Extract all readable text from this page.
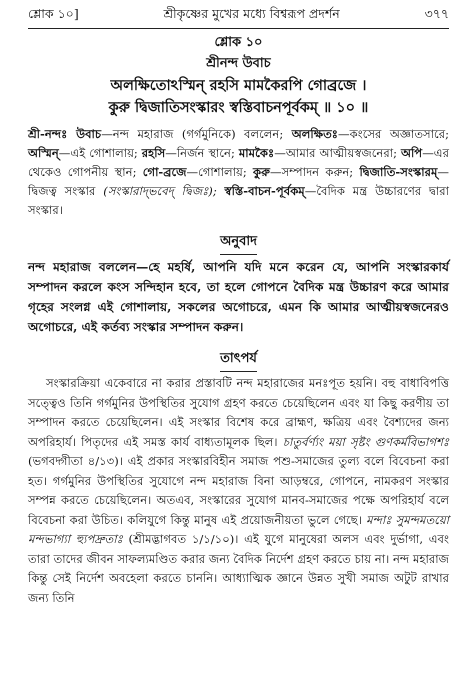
শ্লোক ১০]	শ্রীকৃষ্ণের মুখের মধ্যে বিশ্বরূপ প্রদর্শন	৩৭৭
শ্লোক ১০
শ্রীনন্দ উবাচ
অলক্ষিতোঽস্মিন্ রহসি মামকৈরপি গোব্রজে ।
কুরু দ্বিজাতিসংস্কারং স্বস্তিবাচনপূর্বকম্‌ ॥ ১০ ॥
শ্রী-নন্দঃ উবাচ—নন্দ মহারাজ (গর্গমুনিকে) বললেন; অলক্ষিতঃ—কংসের অজ্ঞাতসারে; অস্মিন্—এই গোশালায়; রহসি—নির্জন স্থানে; মামকৈঃ—আমার আত্মীয়স্বজনেরা; অপি—এর থেকেও গোপনীয় স্থান; গো-ব্রজে—গোশালায়; কুরু—সম্পাদন করুন; দ্বিজাতি-সংস্কারম্—দ্বিজত্ব সংস্কার (সংস্কারাদ্‌ভবেদ্ দ্বিজঃ); স্বস্তি-বাচন-পূর্বকম্—বৈদিক মন্ত্র উচ্চারণের দ্বারা সংস্কার।
অনুবাদ
নন্দ মহারাজ বললেন—হে মহর্ষি, আপনি যদি মনে করেন যে, আপনি সংস্কারকার্য সম্পাদন করলে কংস সন্দিহান হবে, তা হলে গোপনে বৈদিক মন্ত্র উচ্চারণ করে আমার গৃহের সংলগ্ন এই গোশালায়, সকলের অগোচরে, এমন কি আমার আত্মীয়স্বজনেরও অগোচরে, এই কর্তব্য সংস্কার সম্পাদন করুন।
তাৎপর্য
সংস্কারক্রিয়া একেবারে না করার প্রস্তাবটি নন্দ মহারাজের মনঃপূত হয়নি। বহু বাধাবিপত্তি সত্ত্বেও তিনি গর্গমুনির উপস্থিতির সুযোগ গ্রহণ করতে চেয়েছিলেন এবং যা কিছু করণীয় তা সম্পাদন করতে চেয়েছিলেন। এই সংস্কার বিশেষ করে ব্রাহ্মণ, ক্ষত্রিয় এবং বৈশ্যদের জন্য অপরিহার্য। পিতৃদের এই সমস্ত কার্য বাধ্যতামূলক ছিল। চাতুর্বর্ণ্যং ময়া সৃষ্টং গুণকর্মবিভাগশঃ (ভগবদ্গীতা ৪/১৩)। এই প্রকার সংস্কারবিহীন সমাজ পশু-সমাজের তুল্য বলে বিবেচনা করা হত। গর্গমুনির উপস্থিতির সুযোগে নন্দ মহারাজ বিনা আড়ম্বরে, গোপনে, নামকরণ সংস্কার সম্পন্ন করতে চেয়েছিলেন। অতএব, সংস্কারের সুযোগ মানব-সমাজের পক্ষে অপরিহার্য বলে বিবেচনা করা উচিত। কলিযুগে কিন্তু মানুষ এই প্রয়োজনীয়তা ভুলে গেছে। মন্দাঃ সুমন্দমতয়ো মন্দভাগ্যা হ্যুপদ্রুতাঃ (শ্রীমদ্ভাগবত ১/১/১০)। এই যুগে মানুষেরা অলস এবং দুর্ভাগা, এবং তারা তাদের জীবন সাফল্যমণ্ডিত করার জন্য বৈদিক নির্দেশ গ্রহণ করতে চায় না। নন্দ মহারাজ কিন্তু সেই নির্দেশ অবহেলা করতে চাননি। আধ্যাত্মিক জ্ঞানে উন্নত সুখী সমাজ অটুট রাখার জন্য তিনি
